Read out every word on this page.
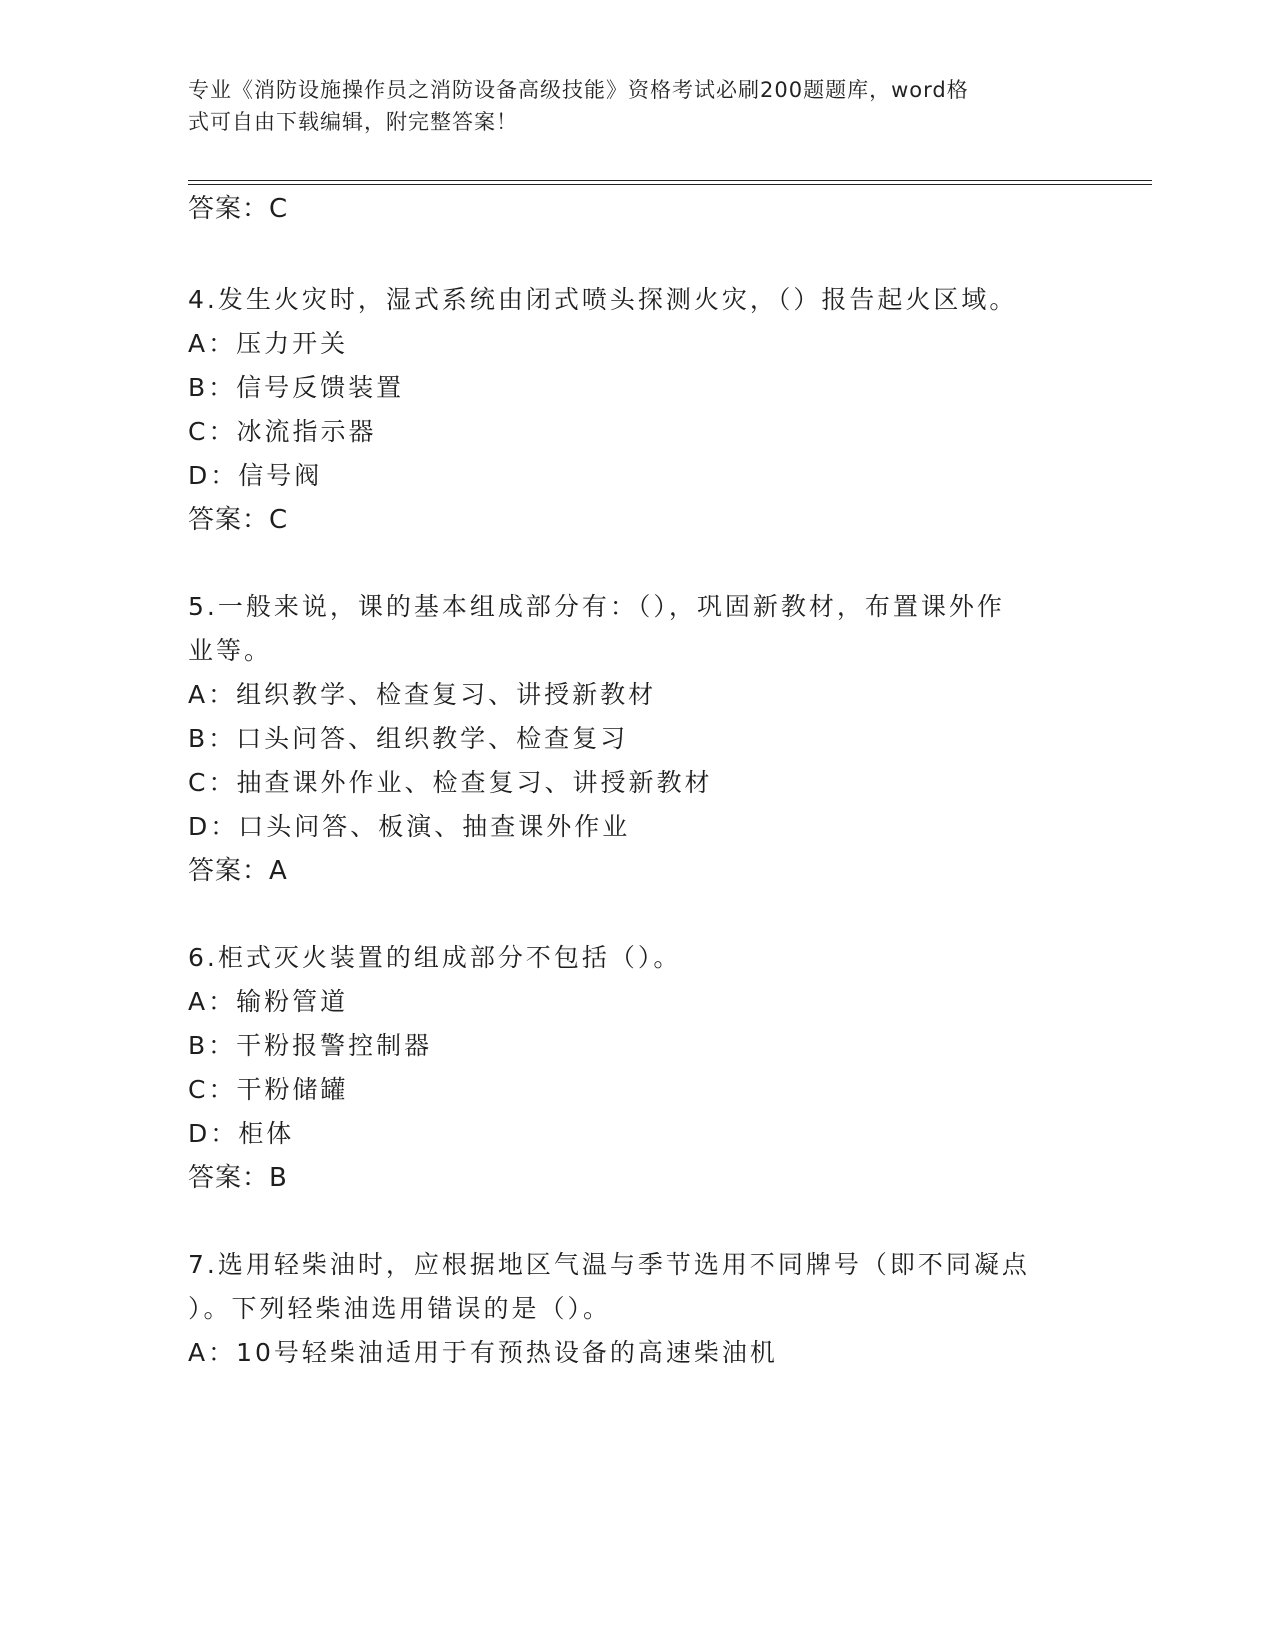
专业《消防设施操作员之消防设备高级技能》资格考试必刷200题题库，word格
式可自由下载编辑，附完整答案！
答案：C
4.发生火灾时，湿式系统由闭式喷头探测火灾，（）报告起火区域。
A：压力开关
B：信号反馈装置
C：冰流指示器
D：信号阀
答案：C
5.一般来说，课的基本组成部分有：（），巩固新教材，布置课外作
业等。
A：组织教学、检查复习、讲授新教材
B：口头问答、组织教学、检查复习
C：抽查课外作业、检查复习、讲授新教材
D：口头问答、板演、抽查课外作业
答案：A
6.柜式灭火装置的组成部分不包括（）。
A：输粉管道
B：干粉报警控制器
C：干粉储罐
D：柜体
答案：B
7.选用轻柴油时，应根据地区气温与季节选用不同牌号（即不同凝点
）。下列轻柴油选用错误的是（）。
A：10号轻柴油适用于有预热设备的高速柴油机
